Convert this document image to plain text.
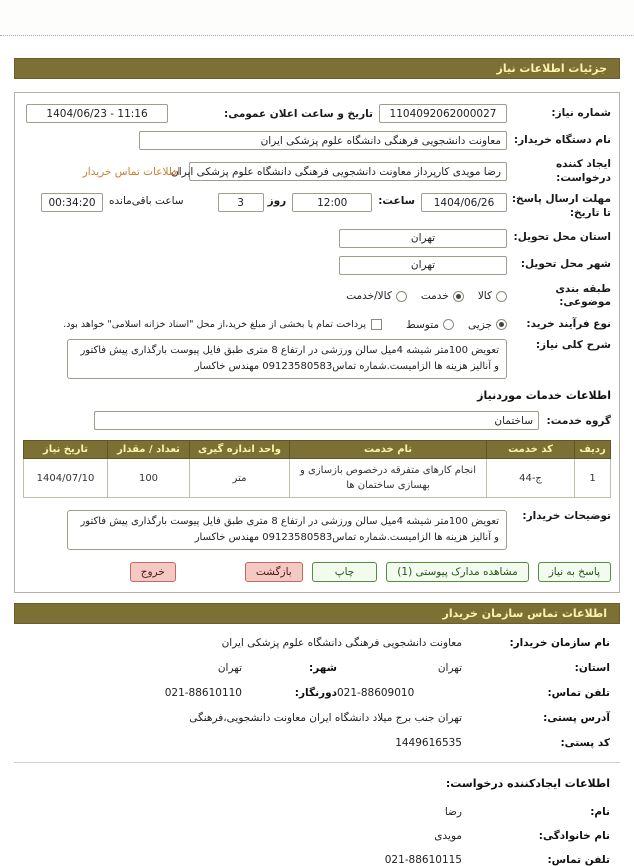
جزئیات اطلاعات نیاز
شماره نیاز:
1104092062000027
تاریخ و ساعت اعلان عمومی:
1404/06/23 - 11:16
نام دستگاه خریدار:
معاونت دانشجویی فرهنگی دانشگاه علوم پزشکی ایران
ایجاد کننده درخواست:
رضا مویدی کارپرداز معاونت دانشجویی فرهنگی دانشگاه علوم پزشکی ایران
اطلاعات تماس خریدار
مهلت ارسال پاسخ: تا تاریخ:
1404/06/26
ساعت:
12:00
روز
3
ساعت باقی‌مانده
00:34:20
استان محل تحویل:
تهران
شهر محل تحویل:
تهران
طبقه بندی موضوعی:
کالا
خدمت
کالا/خدمت
نوع فرآیند خرید:
جزیی
متوسط
پرداخت تمام یا بخشی از مبلغ خرید،از محل "اسناد خزانه اسلامی" خواهد بود.
شرح کلی نیاز:
تعویض 100متر شیشه 4میل سالن ورزشی در ارتفاع 8 متری طبق فایل پیوست بارگذاری پیش فاکتور و آنالیز هزینه ها الزامیست.شماره تماس09123580583 مهندس خاکسار
اطلاعات خدمات موردنیاز
گروه خدمت:
ساختمان
ردیف	کد خدمت	نام خدمت	واحد اندازه گیری	تعداد / مقدار	تاریخ نیاز
1	ج-44	انجام کارهای متفرقه درخصوص بازسازی و بهسازی ساختمان ها	متر	100	1404/07/10
توضیحات خریدار:
تعویض 100متر شیشه 4میل سالن ورزشی در ارتفاع 8 متری طبق فایل پیوست بارگذاری پیش فاکتور و آنالیز هزینه ها الزامیست.شماره تماس09123580583 مهندس خاکسار
پاسخ به نیاز
مشاهده مدارک پیوستی (1)
چاپ
بازگشت
خروج
اطلاعات تماس سازمان خریدار
نام سازمان خریدار:
معاونت دانشجویی فرهنگی دانشگاه علوم پزشکی ایران
استان:
تهران
شهر:
تهران
تلفن تماس:
021-88609010
دورنگار:
021-88610110
آدرس پستی:
تهران جنب برج میلاد دانشگاه ایران معاونت دانشجویی،فرهنگی
کد پستی:
1449616535
اطلاعات ایجادکننده درخواست:
نام:
رضا
نام خانوادگی:
مویدی
تلفن تماس:
021-88610115
